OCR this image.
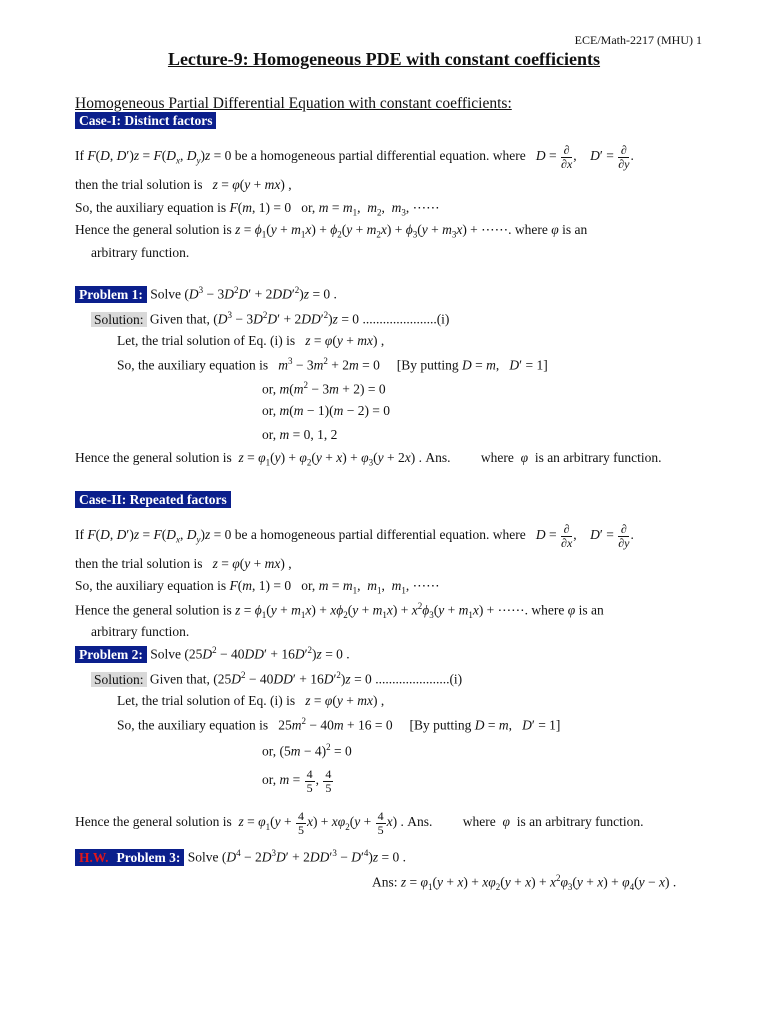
ECE/Math-2217 (MHU) 1
Lecture-9: Homogeneous PDE with constant coefficients
Homogeneous Partial Differential Equation with constant coefficients:
Case-I: Distinct factors
If F(D, $D')z = F(D_x$, $D_y)z = 0$ be a homogeneous partial differential equation. where $D = \frac{\partial}{\partial x}$ ,    $D' = \frac{\partial}{\partial y}$ .
then the trial solution is z = φ(y + mx) ,
So, the auxiliary equation is F(m, 1) = 0   or, $m = m_1$,  $m_2$,  $m_3$, ⋯⋯
Hence the general solution is $z = \phi_1(y + m_1x) + \phi_2(y + m_2x) + \phi_3(y + m_3x)$ + ⋯⋯. where φ is an
arbitrary function.
Problem 1: Solve $(D^3 - 3D^2D' + 2DD'^2)z = 0$ .
Solution: Given that, $(D^3 - 3D^2D' + 2DD'^2)z = 0$ ......................(i)
Let, the trial solution of Eq. (i) is z = φ(y + mx) ,
So, the auxiliary equation is $m^3 - 3m^2 + 2m = 0$     [By putting D = m,   D′ = 1]
or, $m(m^2 - 3m + 2) = 0$
or, m(m − 1)(m − 2) = 0
or, m = 0, 1, 2
Hence the general solution is $z = \varphi_1(y) + \varphi_2(y + x) + \varphi_3(y + 2x)$ . Ans. where φ is an arbitrary function.
Case-II: Repeated factors
If F(D, $D')z = F(D_x$, $D_y)z = 0$ be a homogeneous partial differential equation. where $D = \frac{\partial}{\partial x}$ ,    $D' = \frac{\partial}{\partial y}$ .
then the trial solution is z = φ(y + mx) ,
So, the auxiliary equation is F(m, 1) = 0   or, $m = m_1$,  $m_1$,  $m_1$, ⋯⋯
Hence the general solution is $z = \phi_1(y + m_1x) + x\phi_2(y + m_1x) + x^2\phi_3(y + m_1x)$ + ⋯⋯. where φ is an
arbitrary function.
Problem 2: Solve $(25D^2 - 40DD' + 16D'^2)z = 0$ .
Solution: Given that, $(25D^2 - 40DD' + 16D'^2)z = 0$ ......................(i)
Let, the trial solution of Eq. (i) is z = φ(y + mx) ,
So, the auxiliary equation is   $25m^2 - 40m + 16 = 0$     [By putting D = m,   D′ = 1]
or, $(5m - 4)^2 = 0$
or, $m = \frac{4}{5}$ , $\frac{4}{5}$
Hence the general solution is $z = \varphi_1(y + \frac{4}{5} x) + x\varphi_2(y + \frac{4}{5} x)$ . Ans. where φ is an arbitrary function.
H.W. Problem 3: Solve $(D^4 - 2D^3D' + 2DD'^3 - D'^4)z = 0$ .
Ans: $z = \varphi_1(y + x) + x\varphi_2(y + x) + x^2\varphi_3(y + x) + \varphi_4(y - x)$ .
